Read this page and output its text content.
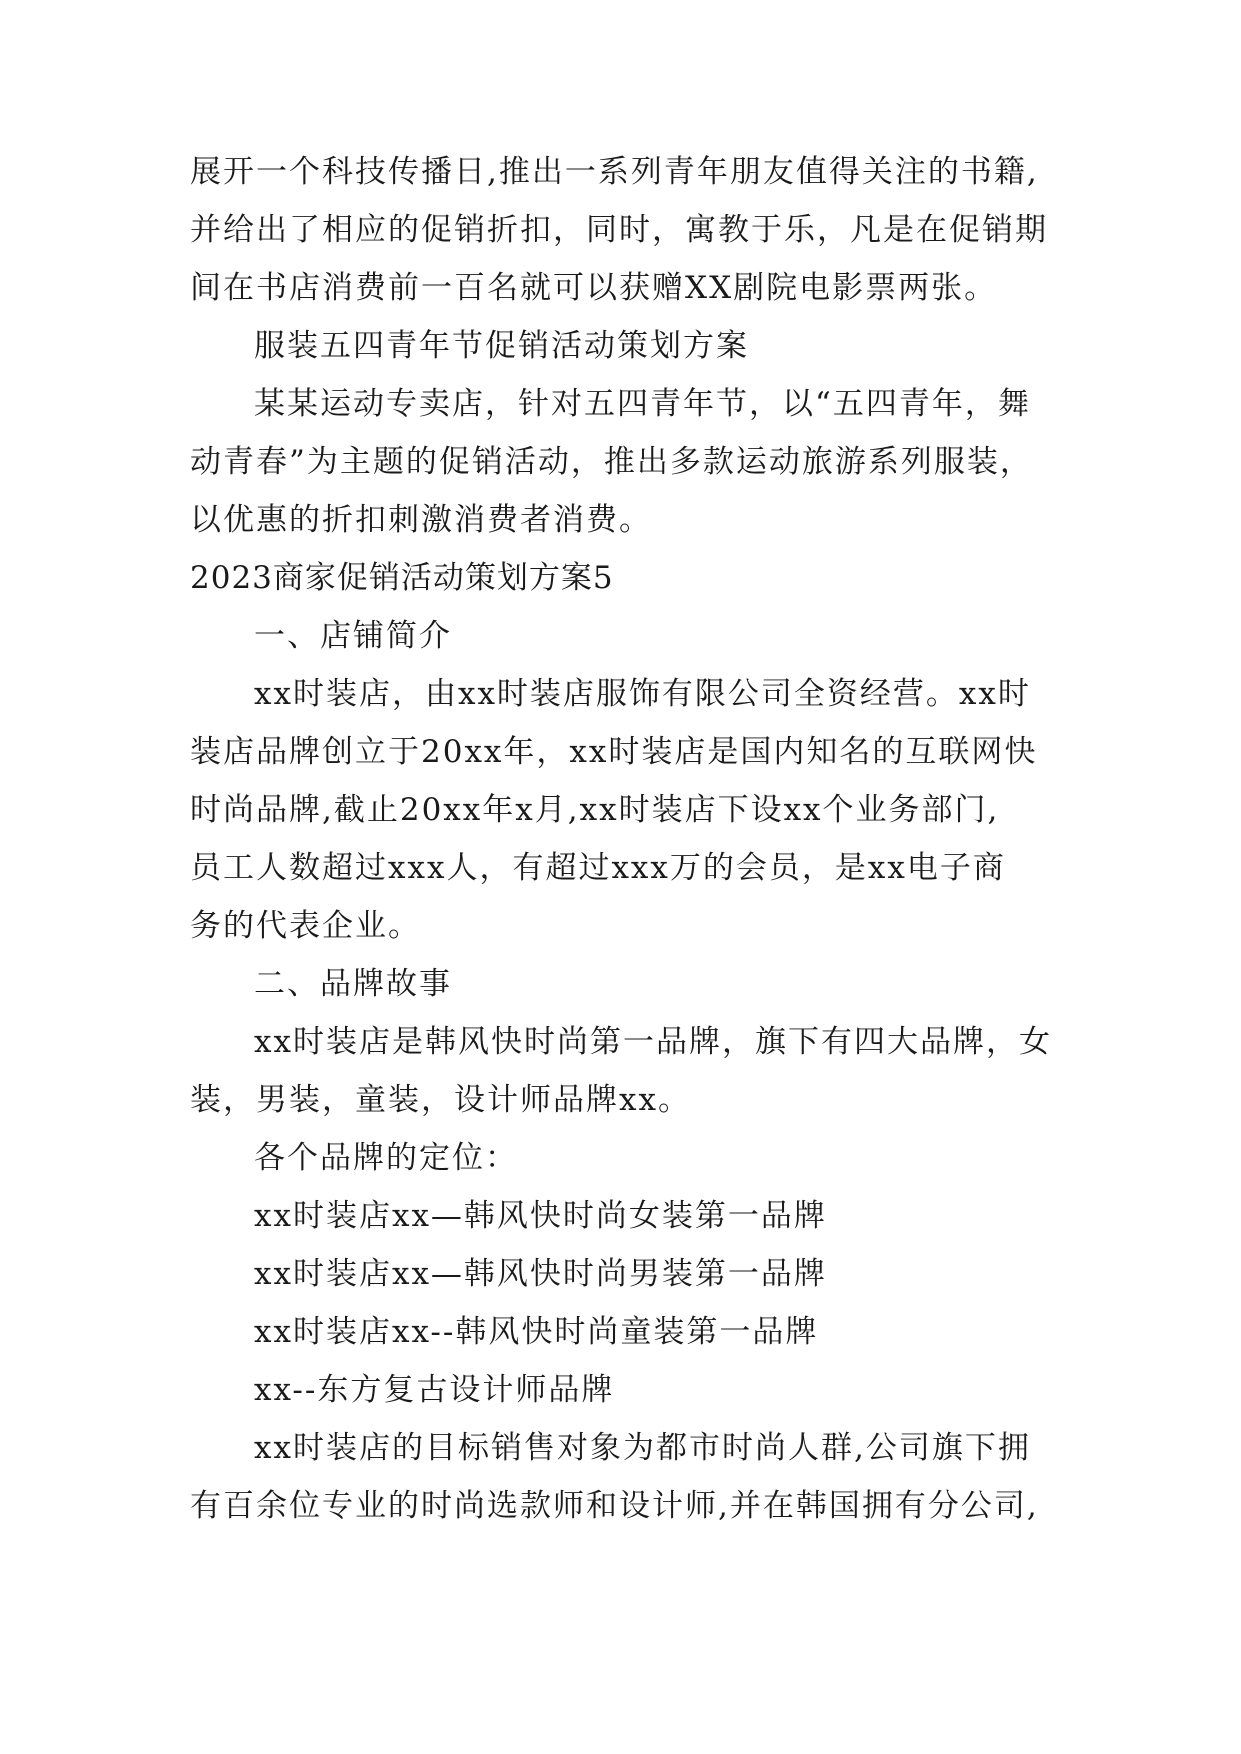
展开一个科技传播日,推出一系列青年朋友值得关注的书籍,
并给出了相应的促销折扣，同时，寓教于乐，凡是在促销期
间在书店消费前一百名就可以获赠XX剧院电影票两张。
服装五四青年节促销活动策划方案
某某运动专卖店，针对五四青年节，以“五四青年，舞
动青春”为主题的促销活动，推出多款运动旅游系列服装，
以优惠的折扣刺激消费者消费。
2023商家促销活动策划方案5
一、店铺简介
xx时装店，由xx时装店服饰有限公司全资经营。xx时
装店品牌创立于20xx年，xx时装店是国内知名的互联网快
时尚品牌,截止20xx年x月,xx时装店下设xx个业务部门,
员工人数超过xxx人，有超过xxx万的会员，是xx电子商
务的代表企业。
二、品牌故事
xx时装店是韩风快时尚第一品牌，旗下有四大品牌，女
装，男装，童装，设计师品牌xx。
各个品牌的定位：
xx时装店xx—韩风快时尚女装第一品牌
xx时装店xx—韩风快时尚男装第一品牌
xx时装店xx--韩风快时尚童装第一品牌
xx--东方复古设计师品牌
xx时装店的目标销售对象为都市时尚人群,公司旗下拥
有百余位专业的时尚选款师和设计师,并在韩国拥有分公司,
